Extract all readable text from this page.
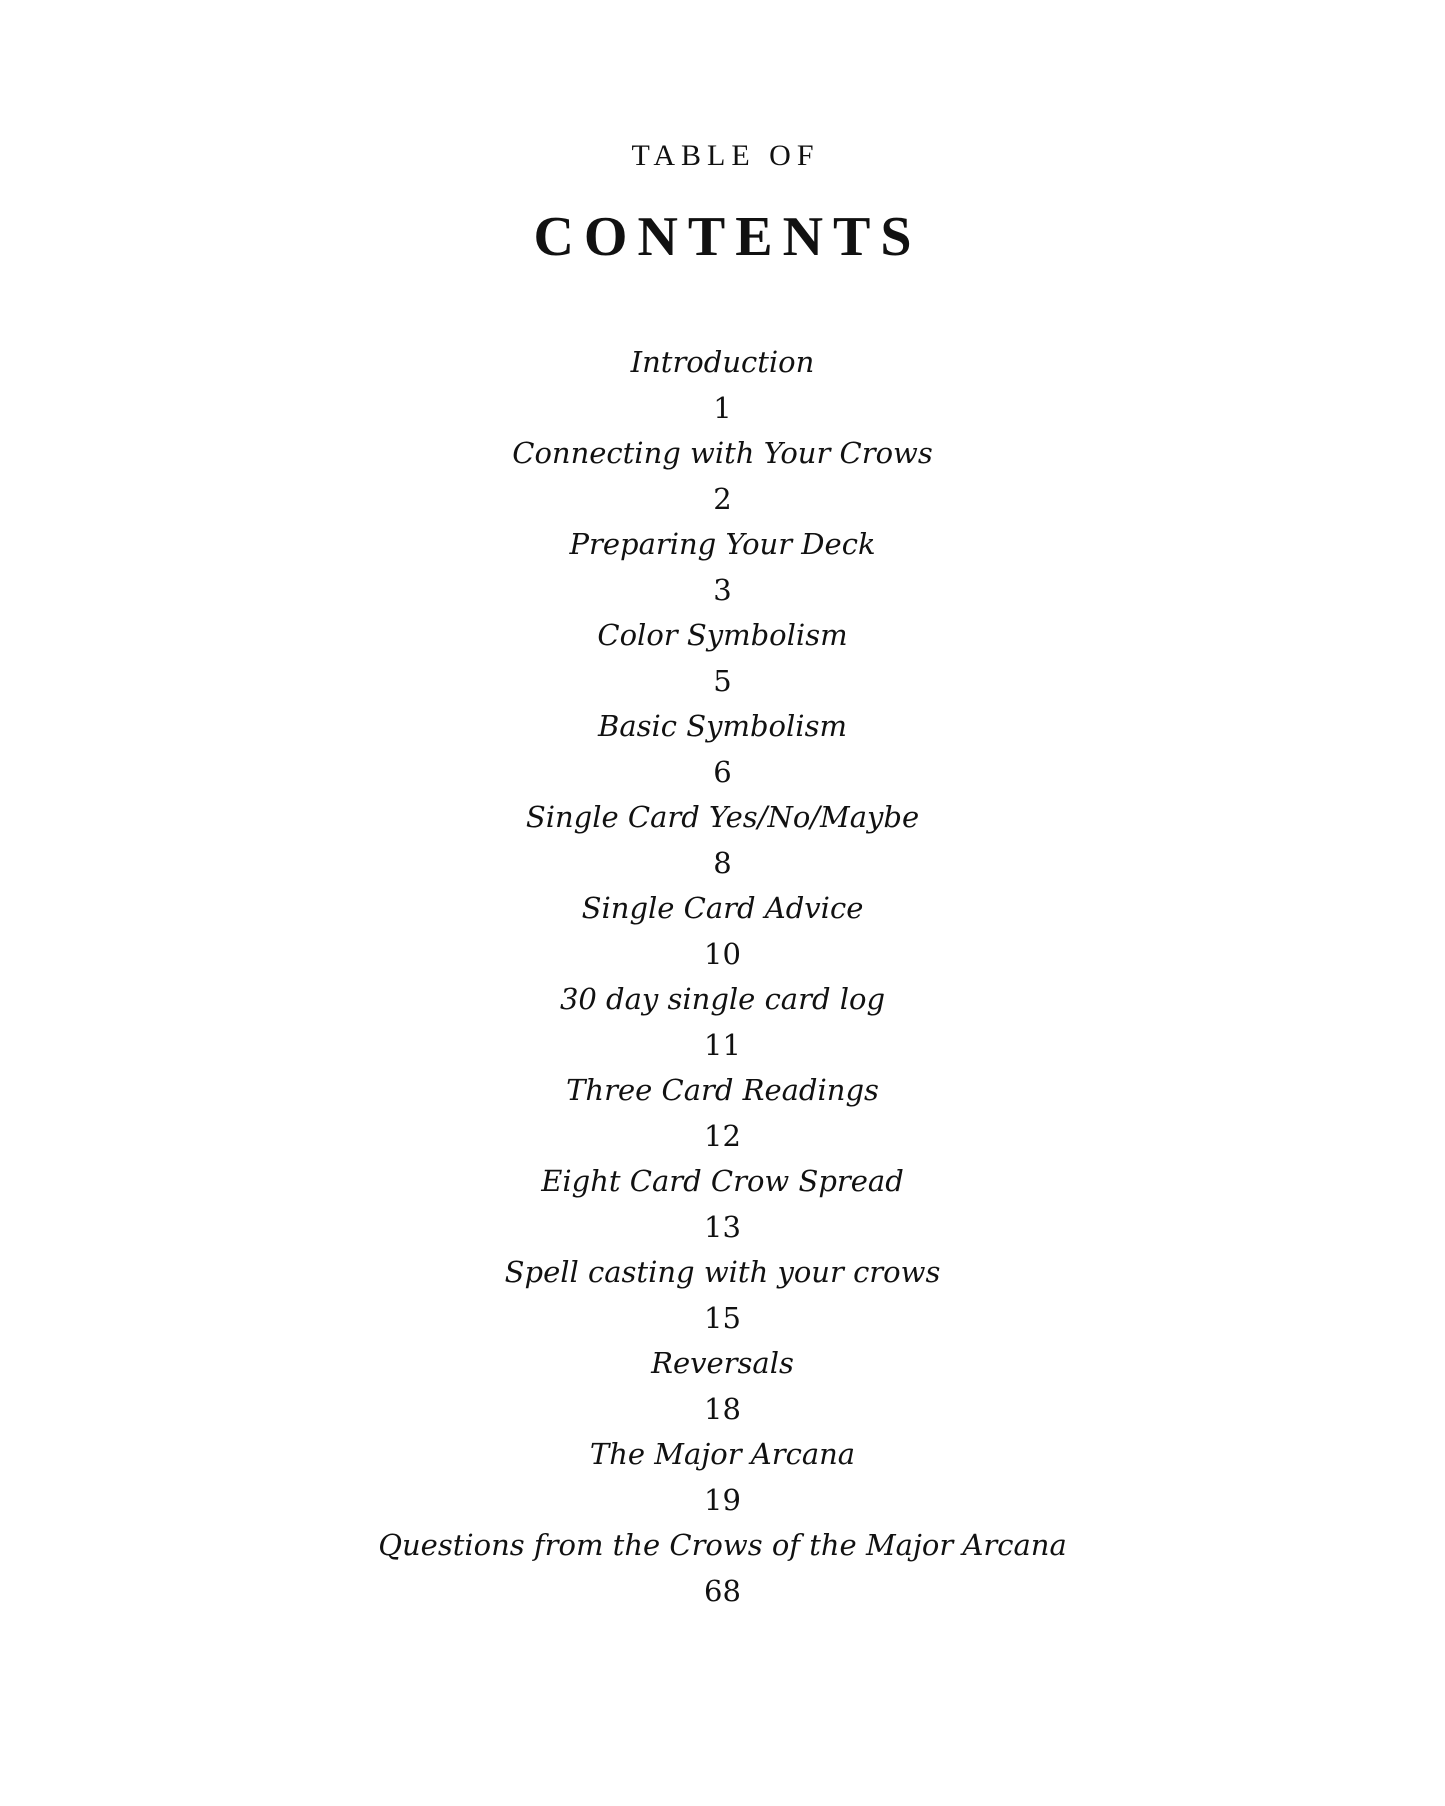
TABLE OF
CONTENTS
Introduction
1
Connecting with Your Crows
2
Preparing Your Deck
3
Color Symbolism
5
Basic Symbolism
6
Single Card Yes/No/Maybe
8
Single Card Advice
10
30 day single card log
11
Three Card Readings
12
Eight Card Crow Spread
13
Spell casting with your crows
15
Reversals
18
The Major Arcana
19
Questions from the Crows of the Major Arcana
68
